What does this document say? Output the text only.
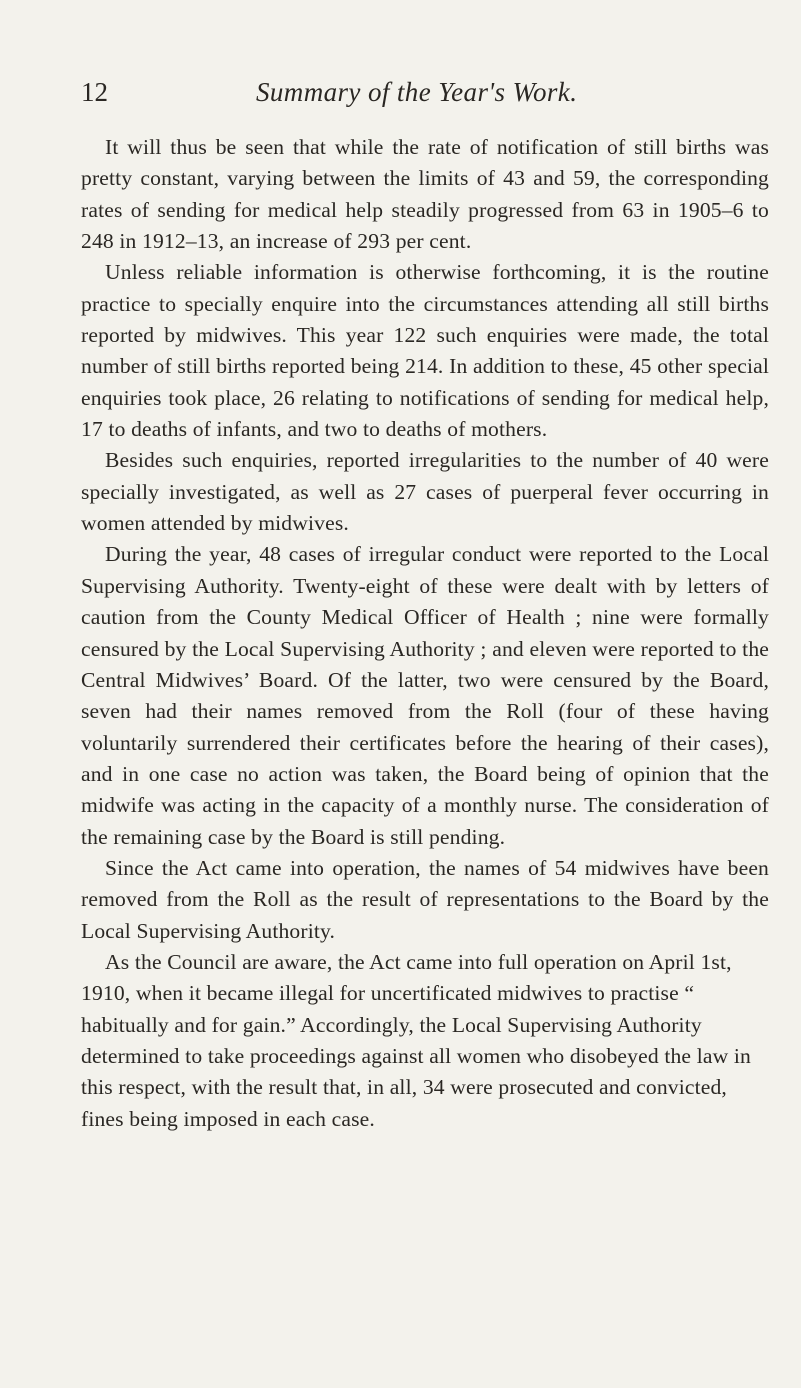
12	Summary of the Year's Work.

It will thus be seen that while the rate of notification of still births was pretty constant, varying between the limits of 43 and 59, the corresponding rates of sending for medical help steadily progressed from 63 in 1905–6 to 248 in 1912–13, an increase of 293 per cent.

Unless reliable information is otherwise forthcoming, it is the routine practice to specially enquire into the circumstances attending all still births reported by midwives. This year 122 such enquiries were made, the total number of still births reported being 214. In addition to these, 45 other special enquiries took place, 26 relating to notifications of sending for medical help, 17 to deaths of infants, and two to deaths of mothers.

Besides such enquiries, reported irregularities to the number of 40 were specially investigated, as well as 27 cases of puerperal fever occurring in women attended by midwives.

During the year, 48 cases of irregular conduct were reported to the Local Supervising Authority. Twenty-eight of these were dealt with by letters of caution from the County Medical Officer of Health ; nine were formally censured by the Local Supervising Authority ; and eleven were reported to the Central Midwives’ Board. Of the latter, two were censured by the Board, seven had their names removed from the Roll (four of these having voluntarily surrendered their certificates before the hearing of their cases), and in one case no action was taken, the Board being of opinion that the midwife was acting in the capacity of a monthly nurse. The consideration of the remaining case by the Board is still pending.

Since the Act came into operation, the names of 54 midwives have been removed from the Roll as the result of representations to the Board by the Local Supervising Authority.

As the Council are aware, the Act came into full operation on April 1st, 1910, when it became illegal for uncertificated midwives to practise “ habitually and for gain.” Accordingly, the Local Supervising Authority determined to take proceedings against all women who disobeyed the law in this respect, with the result that, in all, 34 were prosecuted and convicted, fines being imposed in each case.
